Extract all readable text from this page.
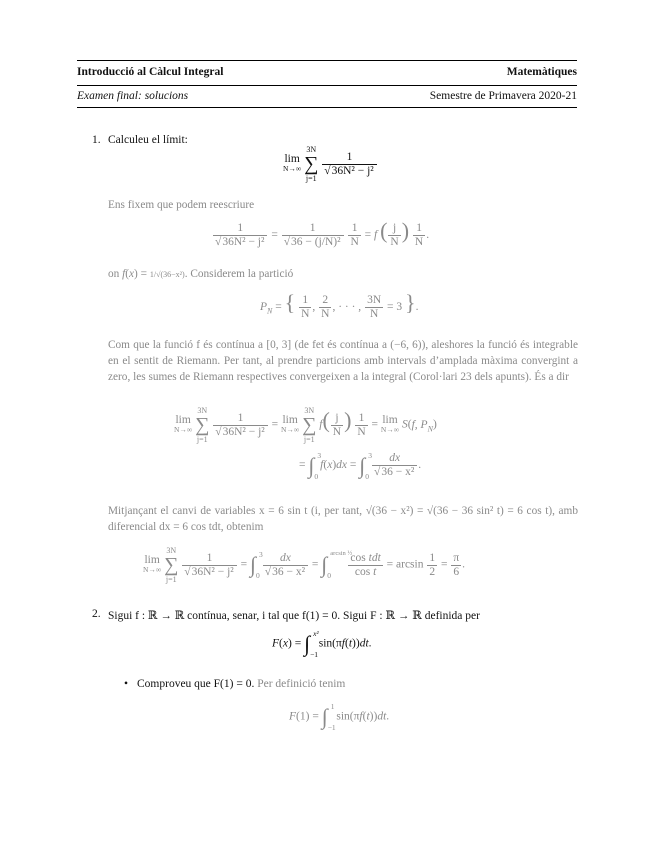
Introducció al Càlcul Integral	Matemàtiques
Examen final: solucions	Semestre de Primavera 2020-21
1. Calculeu el límit:
lim
N→∞
3N
∑
j=1
$\frac{1}{\text{√36N² − j²}}$
Ens fixem que podem reescriure
$\frac{1}{\text{√36N² − j²}} = \frac{1}{\text{√36 − (j/N)²}}$
$\frac{1}{N} = f$ ( $\frac{j}{N}$ ) $\frac{1}{N}$ .
on f(x) = 1/√(36−x²). Considerem la partició
$P_N$ = { $\frac{1}{N}$ , $\frac{2}{N}$ , · · · , $\frac{3N}{N} = 3$ }.
Com que la funció f és contínua a [0, 3] (de fet és contínua a (−6, 6)), aleshores la funció és integrable en el sentit de Riemann. Per tant, al prendre particions amb intervals d’amplada màxima convergint a zero, les sumes de Riemann respectives convergeixen a la integral (Corol·lari 23 dels apunts). És a dir
lim
N→∞
3N
∑
j=1
$\frac{1}{\text{√36N² − j²}} = \lim$
N→∞
3N
∑
j=1 $f( \frac{j}{N}$ ) $\frac{1}{N} = \lim$
N→∞ S(f, $P_N$)
= ∫ 3
0
f(x)dx = ∫ 3
0
$\frac{dx}{\text{√36 − x²}}$ .
Mitjançant el canvi de variables x = 6 sin t (i, per tant, √(36 − x²) = √(36 − 36 sin² t) = 6 cos t), amb diferencial dx = 6 cos tdt, obtenim
lim
N→∞
3N
∑
j=1
$\frac{1}{\text{√36N² − j²}}$ = ∫ 3
0
$\frac{dx}{\text{√36 − x²}}$ = ∫ arcsin ½
0
$\frac{\text{cos tdt}}{\text{cos t}} = \arcsin \frac{1}{2} = \frac{\pi}{6}$ .
2. Sigui f : ℝ → ℝ contínua, senar, i tal que f(1) = 0. Sigui F : ℝ → ℝ definida per
F(x) = ∫ x²
−1
sin(πf(t))dt.
• Comproveu que F(1) = 0. Per definició tenim
F(1) = ∫ 1
−1
sin(πf(t))dt.
